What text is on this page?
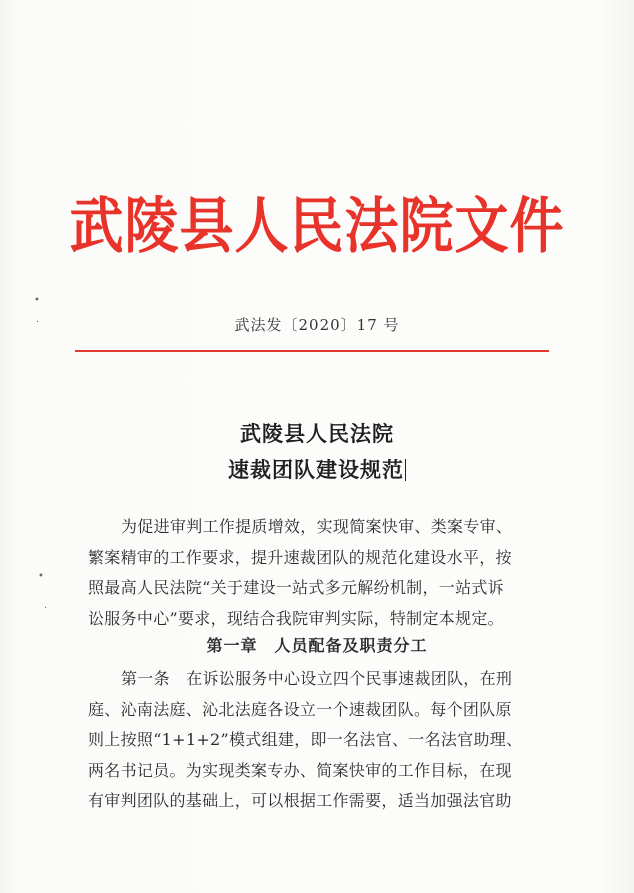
•
·
•
·
武陵县人民法院文件
武法发〔2020〕17 号
武陵县人民法院
速裁团队建设规范
为促进审判工作提质增效，实现简案快审、类案专审、
繁案精审的工作要求，提升速裁团队的规范化建设水平，按
照最高人民法院“关于建设一站式多元解纷机制，一站式诉
讼服务中心”要求，现结合我院审判实际，特制定本规定。
第一章　人员配备及职责分工
第一条　在诉讼服务中心设立四个民事速裁团队，在刑
庭、沁南法庭、沁北法庭各设立一个速裁团队。每个团队原
则上按照“1+1+2”模式组建，即一名法官、一名法官助理、
两名书记员。为实现类案专办、简案快审的工作目标，在现
有审判团队的基础上，可以根据工作需要，适当加强法官助
